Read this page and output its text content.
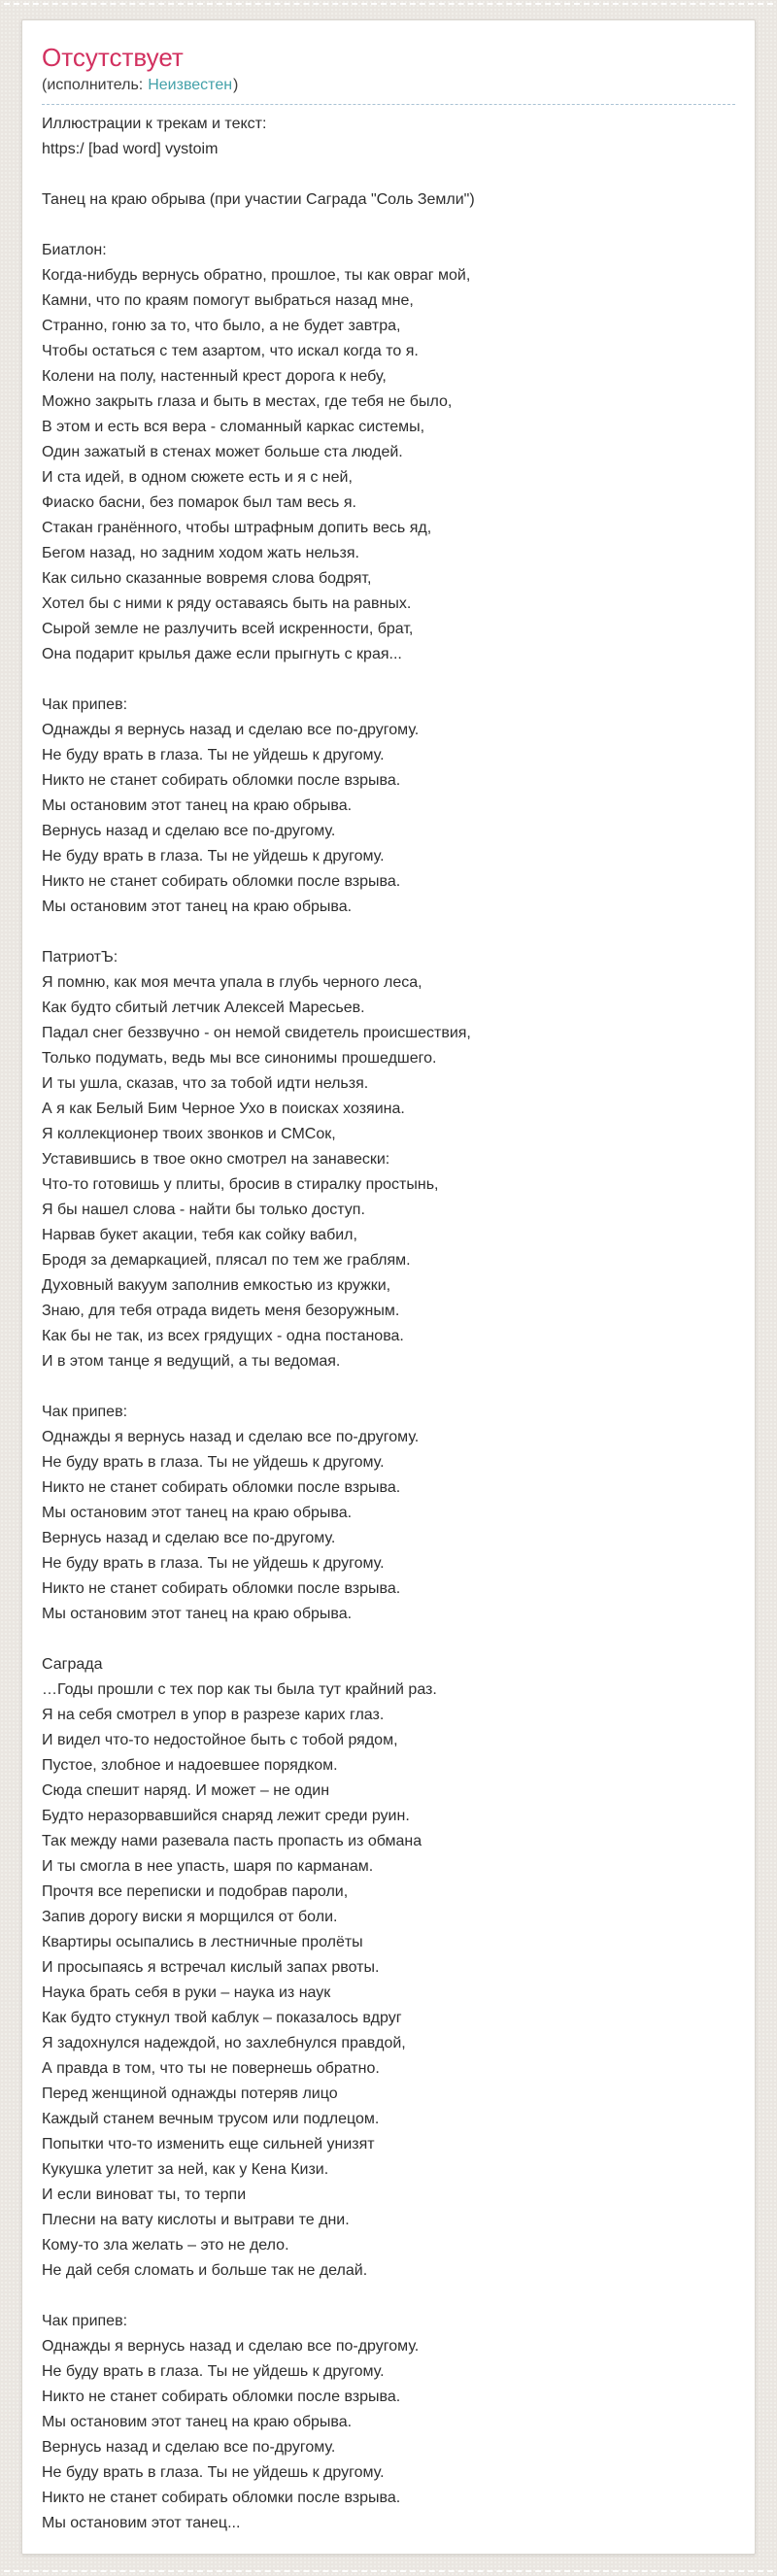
Отсутствует
(исполнитель: Неизвестен)
Иллюстрации к трекам и текст:
https:/ [bad word] vystoim

Танец на краю обрыва (при участии Саграда "Соль Земли")

Биатлон:
Когда-нибудь вернусь обратно, прошлое, ты как овраг мой,
Камни, что по краям помогут выбраться назад мне,
Странно, гоню за то, что было, а не будет завтра,
Чтобы остаться с тем азартом, что искал когда то я.
Колени на полу, настенный крест дорога к небу,
Можно закрыть глаза и быть в местах, где тебя не было,
В этом и есть вся вера - сломанный каркас системы,
Один зажатый в стенах может больше ста людей.
И ста идей, в одном сюжете есть и я с ней,
Фиаско басни, без помарок был там весь я.
Стакан гранённого, чтобы штрафным допить весь яд,
Бегом назад, но задним ходом жать нельзя.
Как сильно сказанные вовремя слова бодрят,
Хотел бы с ними к ряду оставаясь быть на равных.
Сырой земле не разлучить всей искренности, брат,
Она подарит крылья даже если прыгнуть с края...

Чак припев:
Однажды я вернусь назад и сделаю все по-другому.
Не буду врать в глаза. Ты не уйдешь к другому.
Никто не станет собирать обломки после взрыва.
Мы остановим этот танец на краю обрыва.
Вернусь назад и сделаю все по-другому.
Не буду врать в глаза. Ты не уйдешь к другому.
Никто не станет собирать обломки после взрыва.
Мы остановим этот танец на краю обрыва.

ПатриотЪ:
Я помню, как моя мечта упала в глубь черного леса,
Как будто сбитый летчик Алексей Маресьев.
Падал снег беззвучно - он немой свидетель происшествия,
Только подумать, ведь мы все синонимы прошедшего.
И ты ушла, сказав, что за тобой идти нельзя.
А я как Белый Бим Черное Ухо в поисках хозяина.
Я коллекционер твоих звонков и СМСок,
Уставившись в твое окно смотрел на занавески:
Что-то готовишь у плиты, бросив в стиралку простынь,
Я бы нашел слова - найти бы только доступ.
Нарвав букет акации, тебя как сойку вабил,
Бродя за демаркацией, плясал по тем же граблям.
Духовный вакуум заполнив емкостью из кружки,
Знаю, для тебя отрада видеть меня безоружным.
Как бы не так, из всех грядущих - одна постанова.
И в этом танце я ведущий, а ты ведомая.

Чак припев:
Однажды я вернусь назад и сделаю все по-другому.
Не буду врать в глаза. Ты не уйдешь к другому.
Никто не станет собирать обломки после взрыва.
Мы остановим этот танец на краю обрыва.
Вернусь назад и сделаю все по-другому.
Не буду врать в глаза. Ты не уйдешь к другому.
Никто не станет собирать обломки после взрыва.
Мы остановим этот танец на краю обрыва.

Саграда
…Годы прошли с тех пор как ты была тут крайний раз.
Я на себя смотрел в упор в разрезе карих глаз.
И видел что-то недостойное быть с тобой рядом,
Пустое, злобное и надоевшее порядком.
Сюда спешит наряд. И может – не один
Будто неразорвавшийся снаряд лежит среди руин.
Так между нами разевала пасть пропасть из обмана
И ты смогла в нее упасть, шаря по карманам.
Прочтя все переписки и подобрав пароли,
Запив дорогу виски я морщился от боли.
Квартиры осыпались в лестничные пролёты
И просыпаясь я встречал кислый запах рвоты.
Наука брать себя в руки – наука из наук
Как будто стукнул твой каблук – показалось вдруг
Я задохнулся надеждой, но захлебнулся правдой,
А правда в том, что ты не повернешь обратно.
Перед женщиной однажды потеряв лицо
Каждый станем вечным трусом или подлецом.
Попытки что-то изменить еще сильней унизят
Кукушка улетит за ней, как у Кена Кизи.
И если виноват ты, то терпи
Плесни на вату кислоты и вытрави те дни.
Кому-то зла желать – это не дело.
Не дай себя сломать и больше так не делай.

Чак припев:
Однажды я вернусь назад и сделаю все по-другому.
Не буду врать в глаза. Ты не уйдешь к другому.
Никто не станет собирать обломки после взрыва.
Мы остановим этот танец на краю обрыва.
Вернусь назад и сделаю все по-другому.
Не буду врать в глаза. Ты не уйдешь к другому.
Никто не станет собирать обломки после взрыва.
Мы остановим этот танец...
